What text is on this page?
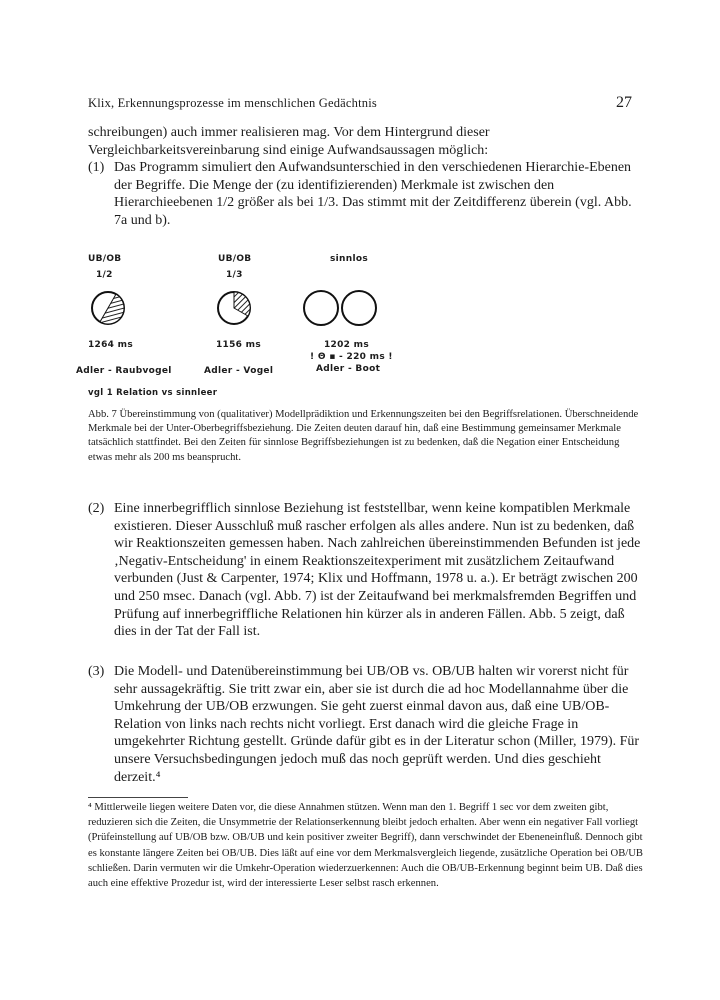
Klix, Erkennungsprozesse im menschlichen Gedächtnis	27
schreibungen) auch immer realisieren mag. Vor dem Hintergrund dieser Vergleichbarkeitsvereinbarung sind einige Aufwandsaussagen möglich:
(1) Das Programm simuliert den Aufwandsunterschied in den verschiedenen Hierarchie-Ebenen der Begriffe. Die Menge der (zu identifizierenden) Merkmale ist zwischen den Hierarchieebenen 1/2 größer als bei 1/3. Das stimmt mit der Zeitdifferenz überein (vgl. Abb. 7a und b).
UB/OB
1/2
1264 ms
Adler - Raubvogel
UB/OB
1/3
1156 ms
Adler - Vogel
sinnlos
1202 ms
! Θ ▪ - 220 ms !
Adler - Boot
vgl 1 Relation vs sinnleer
Abb. 7 Übereinstimmung von (qualitativer) Modellprädiktion und Erkennungszeiten bei den Begriffsrelationen. Überschneidende Merkmale bei der Unter-Oberbegriffsbeziehung. Die Zeiten deuten darauf hin, daß eine Bestimmung gemeinsamer Merkmale tatsächlich stattfindet. Bei den Zeiten für sinnlose Begriffsbeziehungen ist zu bedenken, daß die Negation einer Entscheidung etwas mehr als 200 ms beansprucht.
(2) Eine innerbegrifflich sinnlose Beziehung ist feststellbar, wenn keine kompatiblen Merkmale existieren. Dieser Ausschluß muß rascher erfolgen als alles andere. Nun ist zu bedenken, daß wir Reaktionszeiten gemessen haben. Nach zahlreichen übereinstimmenden Befunden ist jede ‚Negativ-Entscheidung' in einem Reaktionszeitexperiment mit zusätzlichem Zeitaufwand verbunden (Just & Carpenter, 1974; Klix und Hoffmann, 1978 u. a.). Er beträgt zwischen 200 und 250 msec. Danach (vgl. Abb. 7) ist der Zeitaufwand bei merkmalsfremden Begriffen und Prüfung auf innerbegriffliche Relationen hin kürzer als in anderen Fällen. Abb. 5 zeigt, daß dies in der Tat der Fall ist.
(3) Die Modell- und Datenübereinstimmung bei UB/OB vs. OB/UB halten wir vorerst nicht für sehr aussagekräftig. Sie tritt zwar ein, aber sie ist durch die ad hoc Modellannahme über die Umkehrung der UB/OB erzwungen. Sie geht zuerst einmal davon aus, daß eine UB/OB-Relation von links nach rechts nicht vorliegt. Erst danach wird die gleiche Frage in umgekehrter Richtung gestellt. Gründe dafür gibt es in der Literatur schon (Miller, 1979). Für unsere Versuchsbedingungen jedoch muß das noch geprüft werden. Und dies geschieht derzeit.⁴
⁴ Mittlerweile liegen weitere Daten vor, die diese Annahmen stützen. Wenn man den 1. Begriff 1 sec vor dem zweiten gibt, reduzieren sich die Zeiten, die Unsymmetrie der Relationserkennung bleibt jedoch erhalten. Aber wenn ein negativer Fall vorliegt (Prüfeinstellung auf UB/OB bzw. OB/UB und kein positiver zweiter Begriff), dann verschwindet der Ebeneneinfluß. Dennoch gibt es konstante längere Zeiten bei OB/UB. Dies läßt auf eine vor dem Merkmalsvergleich liegende, zusätzliche Operation bei OB/UB schließen. Darin vermuten wir die Umkehr-Operation wiederzuerkennen: Auch die OB/UB-Erkennung beginnt beim UB. Daß dies auch eine effektive Prozedur ist, wird der interessierte Leser selbst rasch erkennen.
